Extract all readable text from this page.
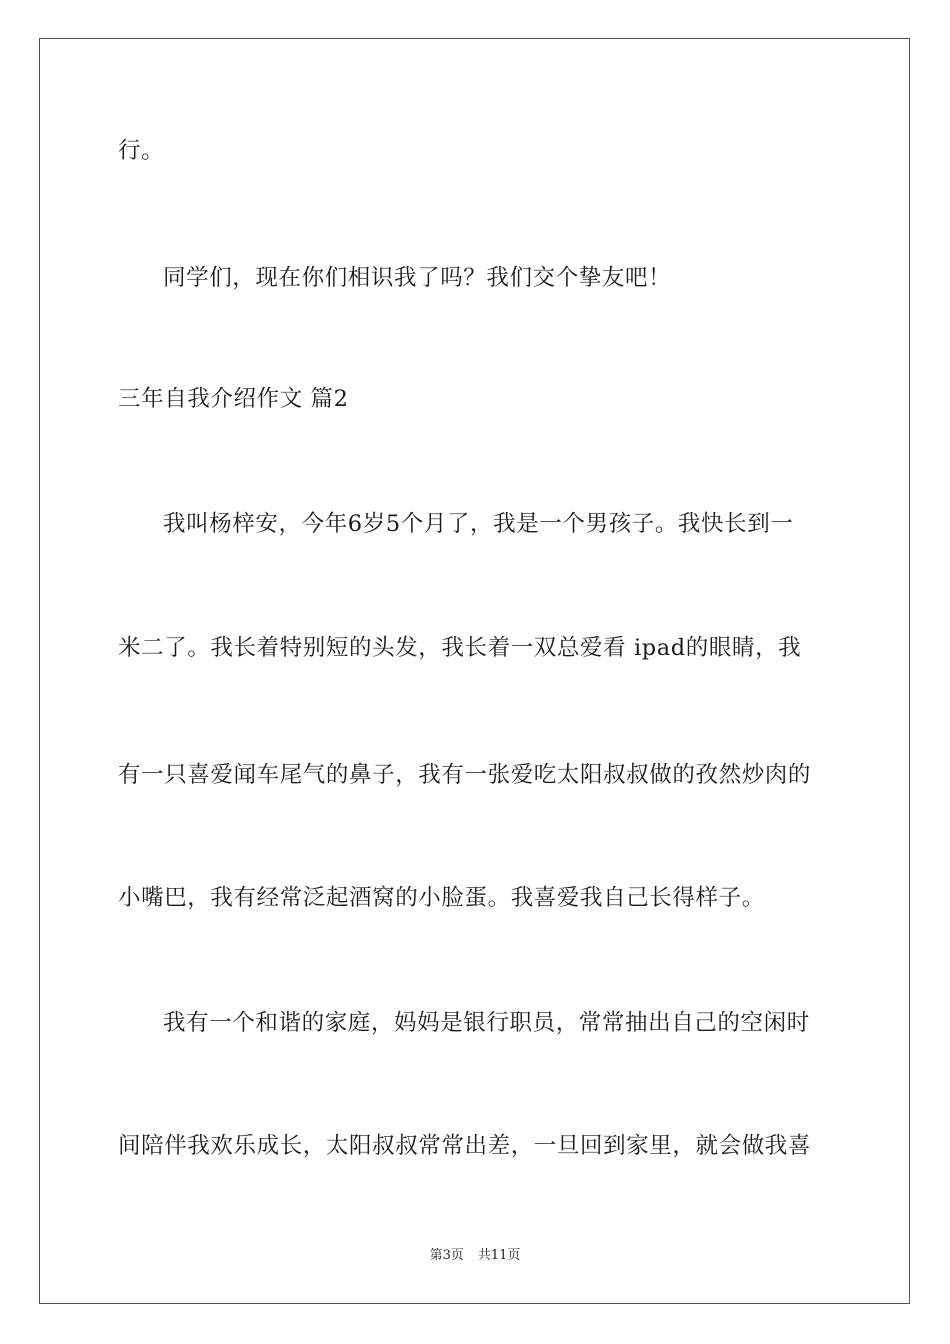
行。
同学们，现在你们相识我了吗？我们交个挚友吧！
三年自我介绍作文 篇2
我叫杨梓安，今年6岁5个月了，我是一个男孩子。我快长到一
米二了。我长着特别短的头发，我长着一双总爱看 ipad的眼睛，我
有一只喜爱闻车尾气的鼻子，我有一张爱吃太阳叔叔做的孜然炒肉的
小嘴巴，我有经常泛起酒窝的小脸蛋。我喜爱我自己长得样子。
我有一个和谐的家庭，妈妈是银行职员，常常抽出自己的空闲时
间陪伴我欢乐成长，太阳叔叔常常出差，一旦回到家里，就会做我喜
第3页 共11页
